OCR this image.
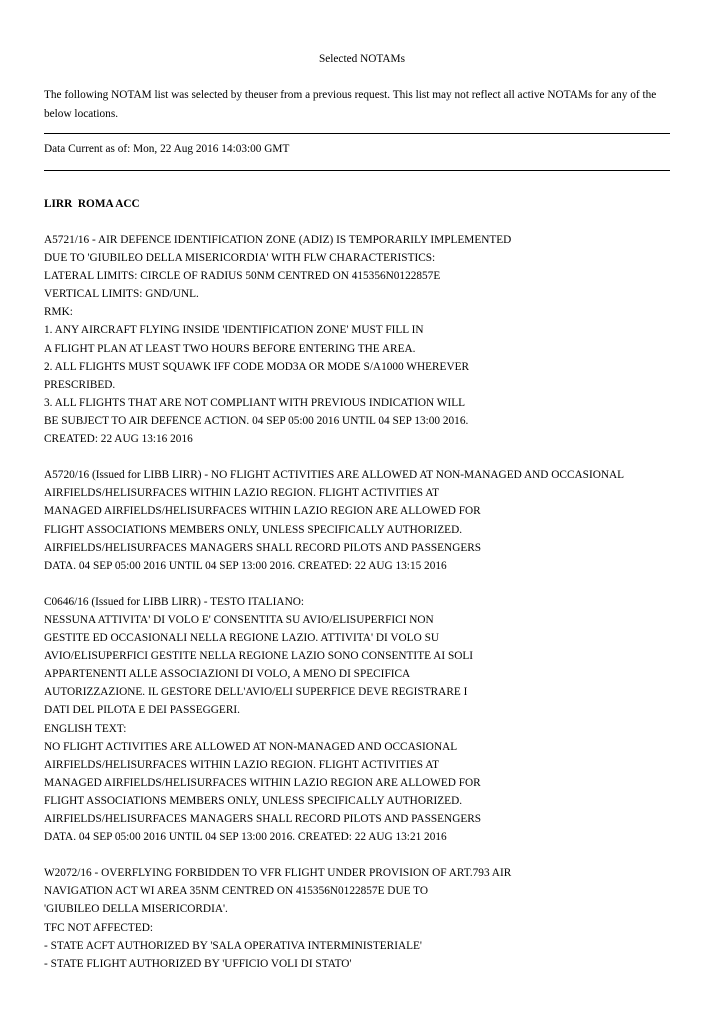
Selected NOTAMs
The following NOTAM list was selected by theuser from a previous request. This list may not reflect all active NOTAMs for any of the below locations.
Data Current as of: Mon, 22 Aug 2016 14:03:00 GMT
LIRR  ROMA ACC
A5721/16 - AIR DEFENCE IDENTIFICATION ZONE (ADIZ) IS TEMPORARILY IMPLEMENTED
DUE TO 'GIUBILEO DELLA MISERICORDIA' WITH FLW CHARACTERISTICS:
LATERAL LIMITS: CIRCLE OF RADIUS 50NM CENTRED ON 415356N0122857E
VERTICAL LIMITS: GND/UNL.
RMK:
1. ANY AIRCRAFT FLYING INSIDE 'IDENTIFICATION ZONE' MUST FILL IN
A FLIGHT PLAN AT LEAST TWO HOURS BEFORE ENTERING THE AREA.
2. ALL FLIGHTS MUST SQUAWK IFF CODE MOD3A OR MODE S/A1000 WHEREVER
PRESCRIBED.
3. ALL FLIGHTS THAT ARE NOT COMPLIANT WITH PREVIOUS INDICATION WILL
BE SUBJECT TO AIR DEFENCE ACTION. 04 SEP 05:00 2016 UNTIL 04 SEP 13:00 2016.
CREATED: 22 AUG 13:16 2016
A5720/16 (Issued for LIBB LIRR) - NO FLIGHT ACTIVITIES ARE ALLOWED AT NON-MANAGED AND OCCASIONAL
AIRFIELDS/HELISURFACES WITHIN LAZIO REGION. FLIGHT ACTIVITIES AT
MANAGED AIRFIELDS/HELISURFACES WITHIN LAZIO REGION ARE ALLOWED FOR
FLIGHT ASSOCIATIONS MEMBERS ONLY, UNLESS SPECIFICALLY AUTHORIZED.
AIRFIELDS/HELISURFACES MANAGERS SHALL RECORD PILOTS AND PASSENGERS
DATA. 04 SEP 05:00 2016 UNTIL 04 SEP 13:00 2016. CREATED: 22 AUG 13:15 2016
C0646/16 (Issued for LIBB LIRR) - TESTO ITALIANO:
NESSUNA ATTIVITA' DI VOLO E' CONSENTITA SU AVIO/ELISUPERFICI NON
GESTITE ED OCCASIONALI NELLA REGIONE LAZIO. ATTIVITA' DI VOLO SU
AVIO/ELISUPERFICI GESTITE NELLA REGIONE LAZIO SONO CONSENTITE AI SOLI
APPARTENENTI ALLE ASSOCIAZIONI DI VOLO, A MENO DI SPECIFICA
AUTORIZZAZIONE. IL GESTORE DELL'AVIO/ELI SUPERFICE DEVE REGISTRARE I
DATI DEL PILOTA E DEI PASSEGGERI.
ENGLISH TEXT:
NO FLIGHT ACTIVITIES ARE ALLOWED AT NON-MANAGED AND OCCASIONAL
AIRFIELDS/HELISURFACES WITHIN LAZIO REGION. FLIGHT ACTIVITIES AT
MANAGED AIRFIELDS/HELISURFACES WITHIN LAZIO REGION ARE ALLOWED FOR
FLIGHT ASSOCIATIONS MEMBERS ONLY, UNLESS SPECIFICALLY AUTHORIZED.
AIRFIELDS/HELISURFACES MANAGERS SHALL RECORD PILOTS AND PASSENGERS
DATA. 04 SEP 05:00 2016 UNTIL 04 SEP 13:00 2016. CREATED: 22 AUG 13:21 2016
W2072/16 - OVERFLYING FORBIDDEN TO VFR FLIGHT UNDER PROVISION OF ART.793 AIR
NAVIGATION ACT WI AREA 35NM CENTRED ON 415356N0122857E DUE TO
'GIUBILEO DELLA MISERICORDIA'.
TFC NOT AFFECTED:
- STATE ACFT AUTHORIZED BY 'SALA OPERATIVA INTERMINISTERIALE'
- STATE FLIGHT AUTHORIZED BY 'UFFICIO VOLI DI STATO'
